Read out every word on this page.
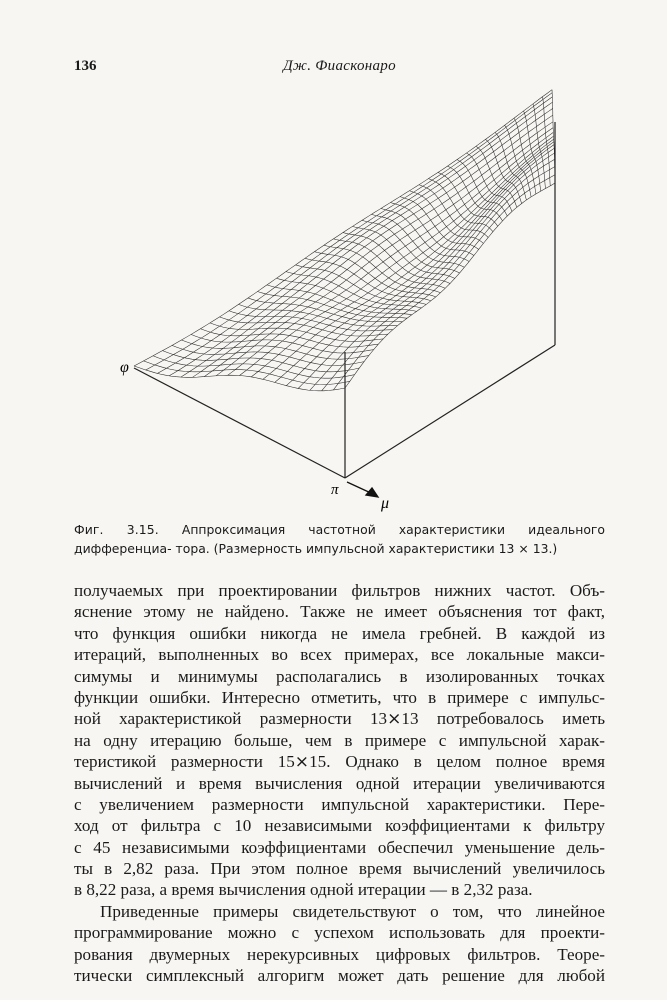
136	Дж. Фиасконаро
φ
π
μ
Фиг. 3.15. Аппроксимация частотной характеристики идеального дифференциа- тора. (Размерность импульсной характеристики 13 ⨯ 13.)
получаемых при проектировании фильтров нижних частот. Объ-
яснение этому не найдено. Также не имеет объяснения тот факт,
что функция ошибки никогда не имела гребней. В каждой из
итераций, выполненных во всех примерах, все локальные макси-
симумы и минимумы располагались в изолированных точках
функции ошибки. Интересно отметить, что в примере с импульс-
ной характеристикой размерности 13⨯13 потребовалось иметь
на одну итерацию больше, чем в примере с импульсной харак-
теристикой размерности 15⨯15. Однако в целом полное время
вычислений и время вычисления одной итерации увеличиваются
с увеличением размерности импульсной характеристики. Пере-
ход от фильтра с 10 независимыми коэффициентами к фильтру
с 45 независимыми коэффициентами обеспечил уменьшение дель-
ты в 2,82 раза. При этом полное время вычислений увеличилось
в 8,22 раза, а время вычисления одной итерации — в 2,32 раза.
Приведенные примеры свидетельствуют о том, что линейное
программирование можно с успехом использовать для проекти-
рования двумерных нерекурсивных цифровых фильтров. Теоре-
тически симплексный алгоригм может дать решение для любой
